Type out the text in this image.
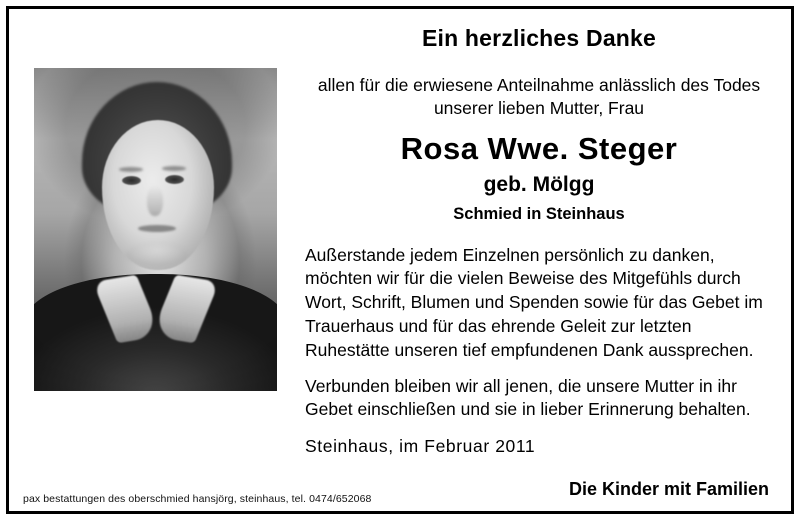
Ein herzliches Danke

allen für die erwiesene Anteilnahme anlässlich des Todes unserer lieben Mutter, Frau

Rosa Wwe. Steger
geb. Mölgg
Schmied in Steinhaus

Außerstande jedem Einzelnen persönlich zu danken, möchten wir für die vielen Beweise des Mitgefühls durch Wort, Schrift, Blumen und Spenden sowie für das Gebet im Trauerhaus und für das ehrende Geleit zur letzten Ruhestätte unseren tief empfundenen Dank aussprechen.

Verbunden bleiben wir all jenen, die unsere Mutter in ihr Gebet einschließen und sie in lieber Erinnerung behalten.

Steinhaus, im Februar 2011
Die Kinder mit Familien
pax bestattungen des oberschmied hansjörg, steinhaus, tel. 0474/652068
